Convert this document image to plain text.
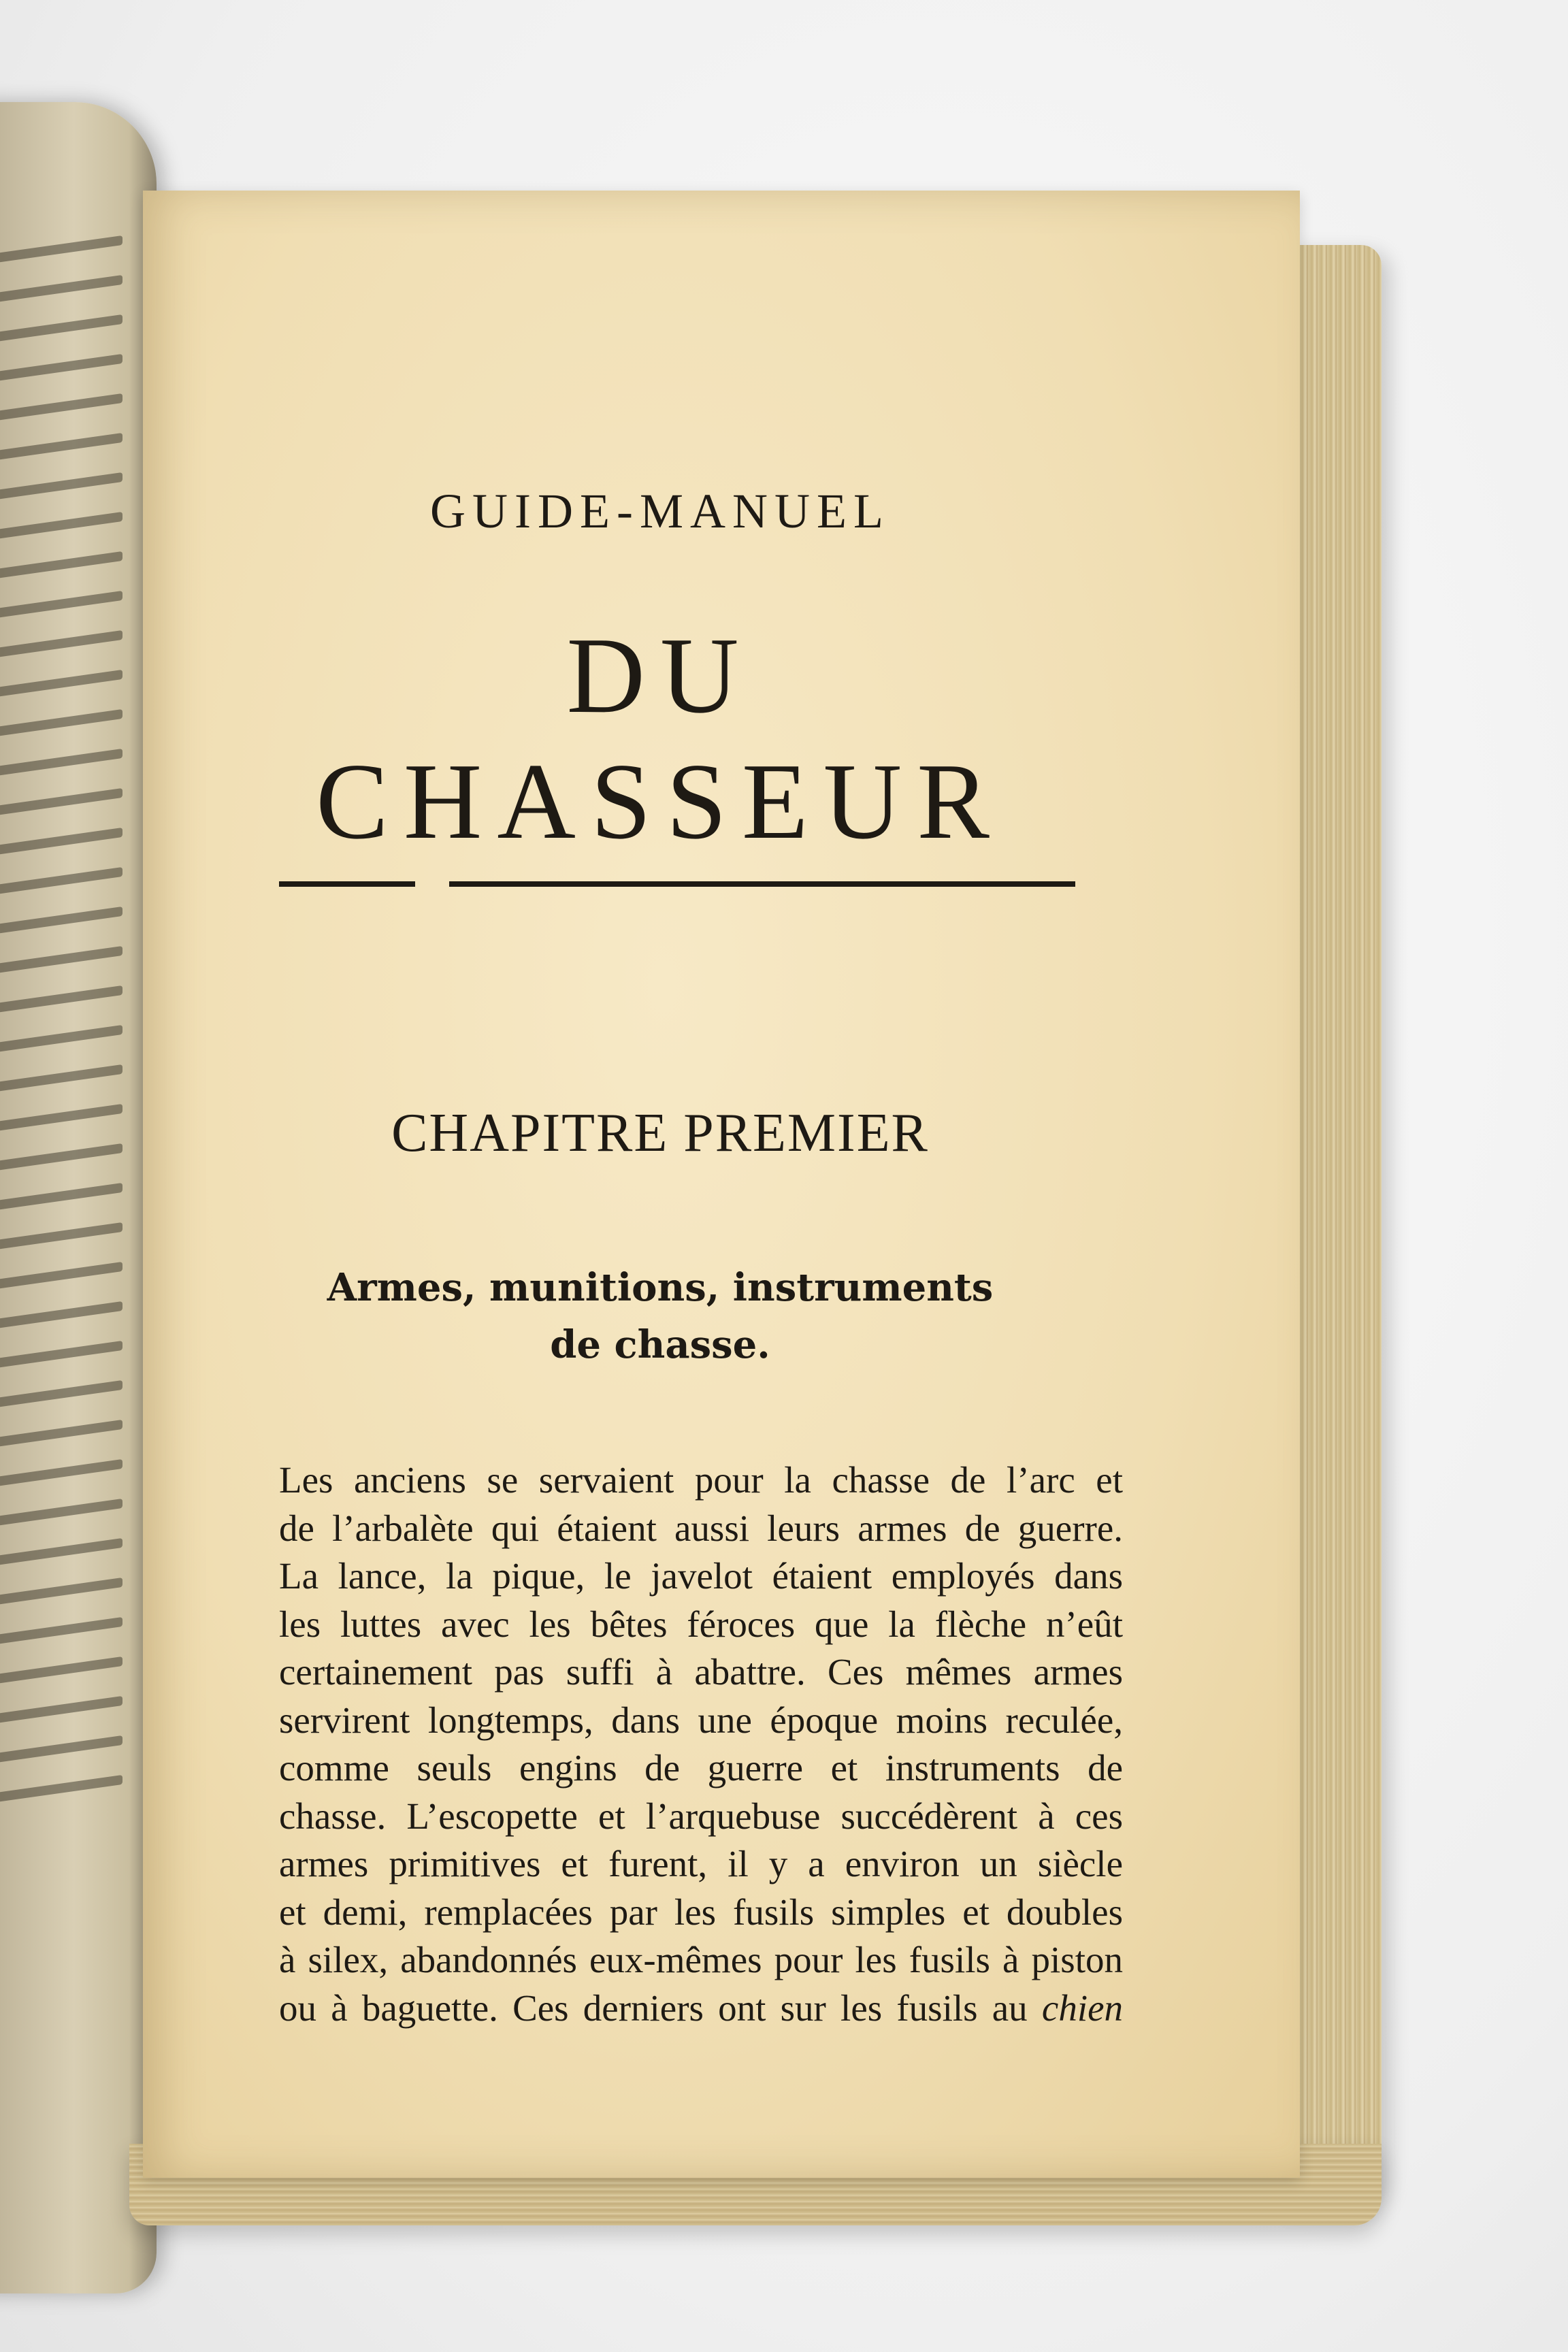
GUIDE-MANUEL
DU CHASSEUR
CHAPITRE PREMIER
Armes, munitions, instruments
de chasse.
Les anciens se servaient pour la chasse de l’arc et
de l’arbalète qui étaient aussi leurs armes de guerre.
La lance, la pique, le javelot étaient employés dans
les luttes avec les bêtes féroces que la flèche n’eût
certainement pas suffi à abattre. Ces mêmes armes
servirent longtemps, dans une époque moins reculée,
comme seuls engins de guerre et instruments de
chasse. L’escopette et l’arquebuse succédèrent à ces
armes primitives et furent, il y a environ un siècle
et demi, remplacées par les fusils simples et doubles
à silex, abandonnés eux-mêmes pour les fusils à piston
ou à baguette. Ces derniers ont sur les fusils au chien
